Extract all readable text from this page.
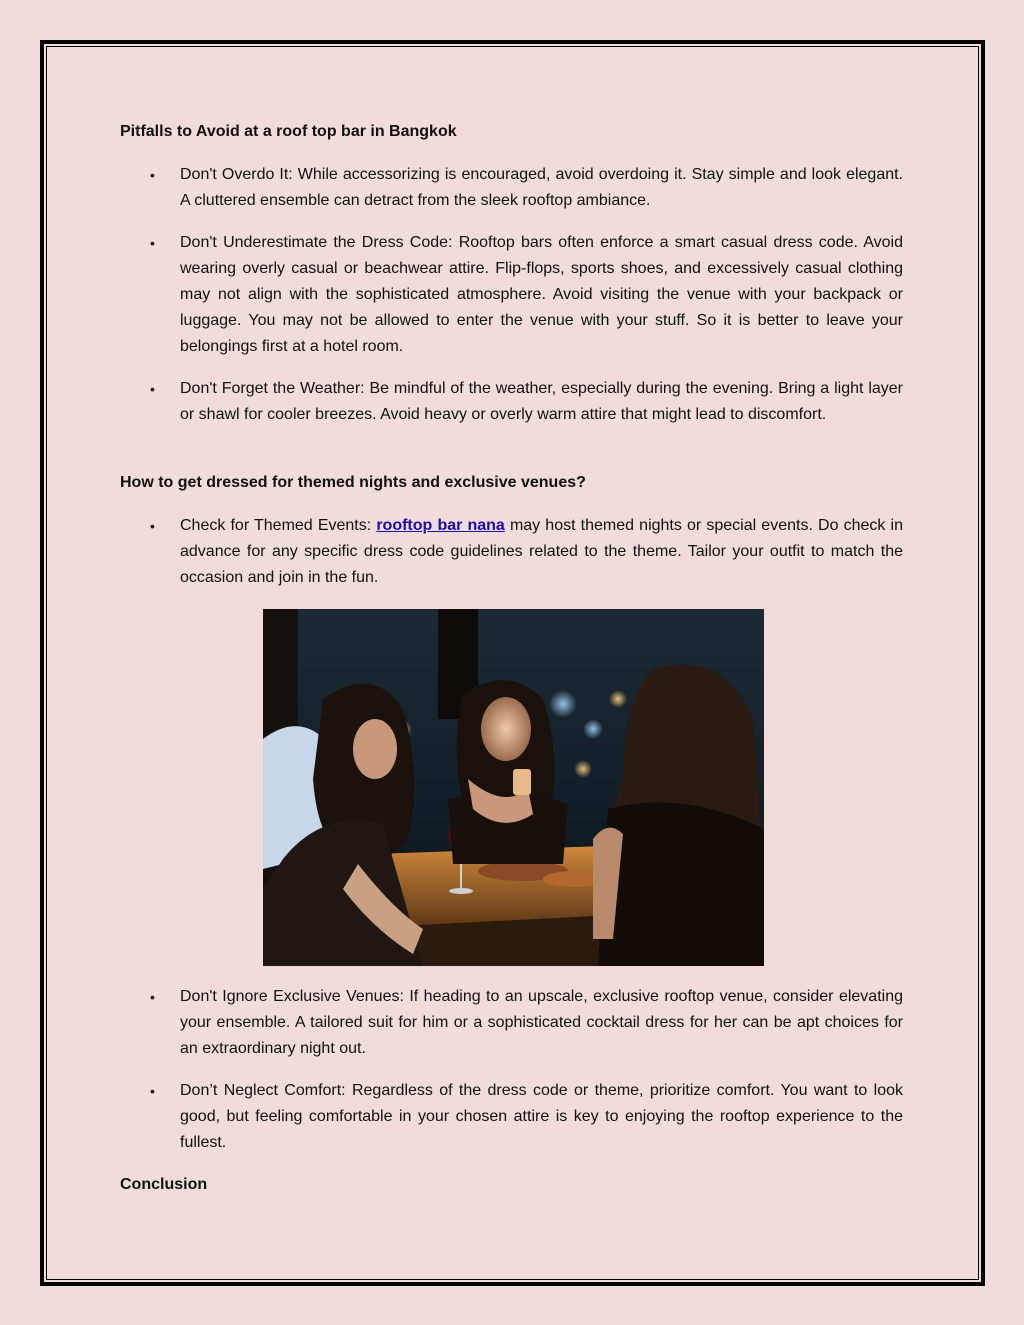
Pitfalls to Avoid at a roof top bar in Bangkok
• Don't Overdo It: While accessorizing is encouraged, avoid overdoing it. Stay simple and look elegant. A cluttered ensemble can detract from the sleek rooftop ambiance.
• Don't Underestimate the Dress Code: Rooftop bars often enforce a smart casual dress code. Avoid wearing overly casual or beachwear attire. Flip-flops, sports shoes, and excessively casual clothing may not align with the sophisticated atmosphere. Avoid visiting the venue with your backpack or luggage. You may not be allowed to enter the venue with your stuff. So it is better to leave your belongings first at a hotel room.
• Don't Forget the Weather: Be mindful of the weather, especially during the evening. Bring a light layer or shawl for cooler breezes. Avoid heavy or overly warm attire that might lead to discomfort.
How to get dressed for themed nights and exclusive venues?
• Check for Themed Events: rooftop bar nana may host themed nights or special events. Do check in advance for any specific dress code guidelines related to the theme. Tailor your outfit to match the occasion and join in the fun.
• Don't Ignore Exclusive Venues: If heading to an upscale, exclusive rooftop venue, consider elevating your ensemble. A tailored suit for him or a sophisticated cocktail dress for her can be apt choices for an extraordinary night out.
• Don’t Neglect Comfort: Regardless of the dress code or theme, prioritize comfort. You want to look good, but feeling comfortable in your chosen attire is key to enjoying the rooftop experience to the fullest.
Conclusion
